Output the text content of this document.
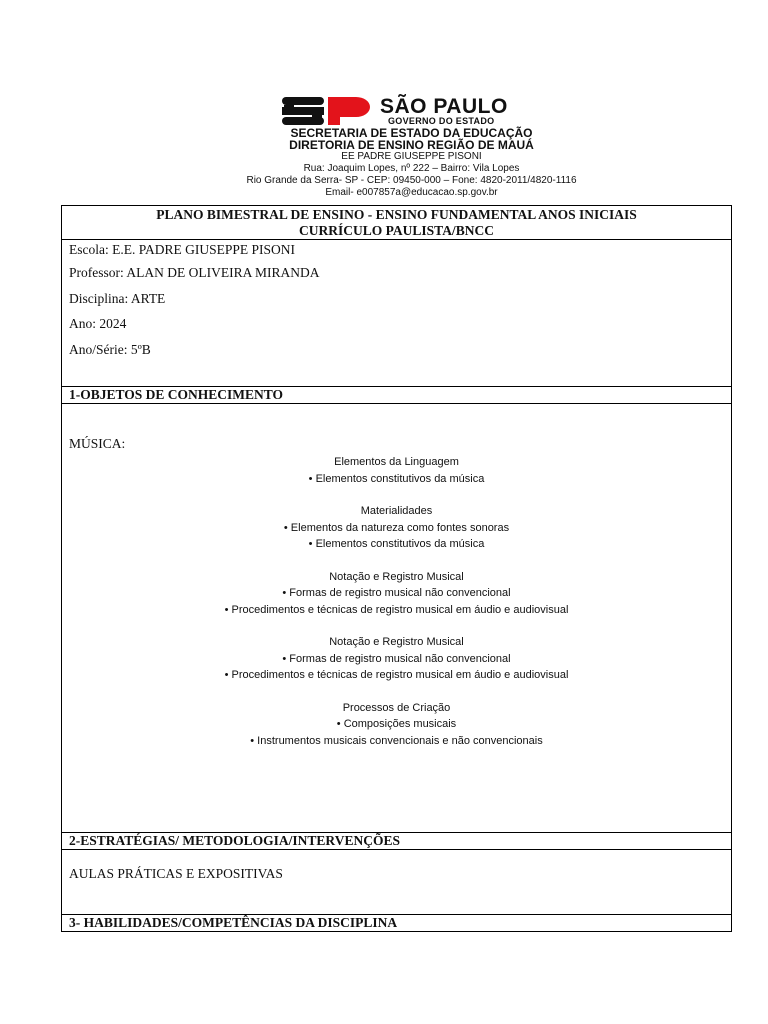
SÃO PAULO
GOVERNO DO ESTADO
SECRETARIA DE ESTADO DA EDUCAÇÃO
DIRETORIA DE ENSINO REGIÃO DE MAUÁ
EE PADRE GIUSEPPE PISONI
Rua: Joaquim Lopes, nº 222 – Bairro: Vila Lopes
Rio Grande da Serra- SP - CEP: 09450-000 – Fone: 4820-2011/4820-1116
Email- e007857a@educacao.sp.gov.br
PLANO BIMESTRAL DE ENSINO - ENSINO FUNDAMENTAL ANOS INICIAIS
CURRÍCULO PAULISTA/BNCC
Escola: E.E. PADRE GIUSEPPE PISONI
Professor: ALAN DE OLIVEIRA MIRANDA
Disciplina: ARTE
Ano: 2024
Ano/Série: 5ºB
1-OBJETOS DE CONHECIMENTO
MÚSICA:
Elementos da Linguagem
• Elementos constitutivos da música
Materialidades
• Elementos da natureza como fontes sonoras
• Elementos constitutivos da música
Notação e Registro Musical
• Formas de registro musical não convencional
• Procedimentos e técnicas de registro musical em áudio e audiovisual
Notação e Registro Musical
• Formas de registro musical não convencional
• Procedimentos e técnicas de registro musical em áudio e audiovisual
Processos de Criação
• Composições musicais
• Instrumentos musicais convencionais e não convencionais
2-ESTRATÉGIAS/ METODOLOGIA/INTERVENÇÕES
AULAS PRÁTICAS E EXPOSITIVAS
3- HABILIDADES/COMPETÊNCIAS DA DISCIPLINA
